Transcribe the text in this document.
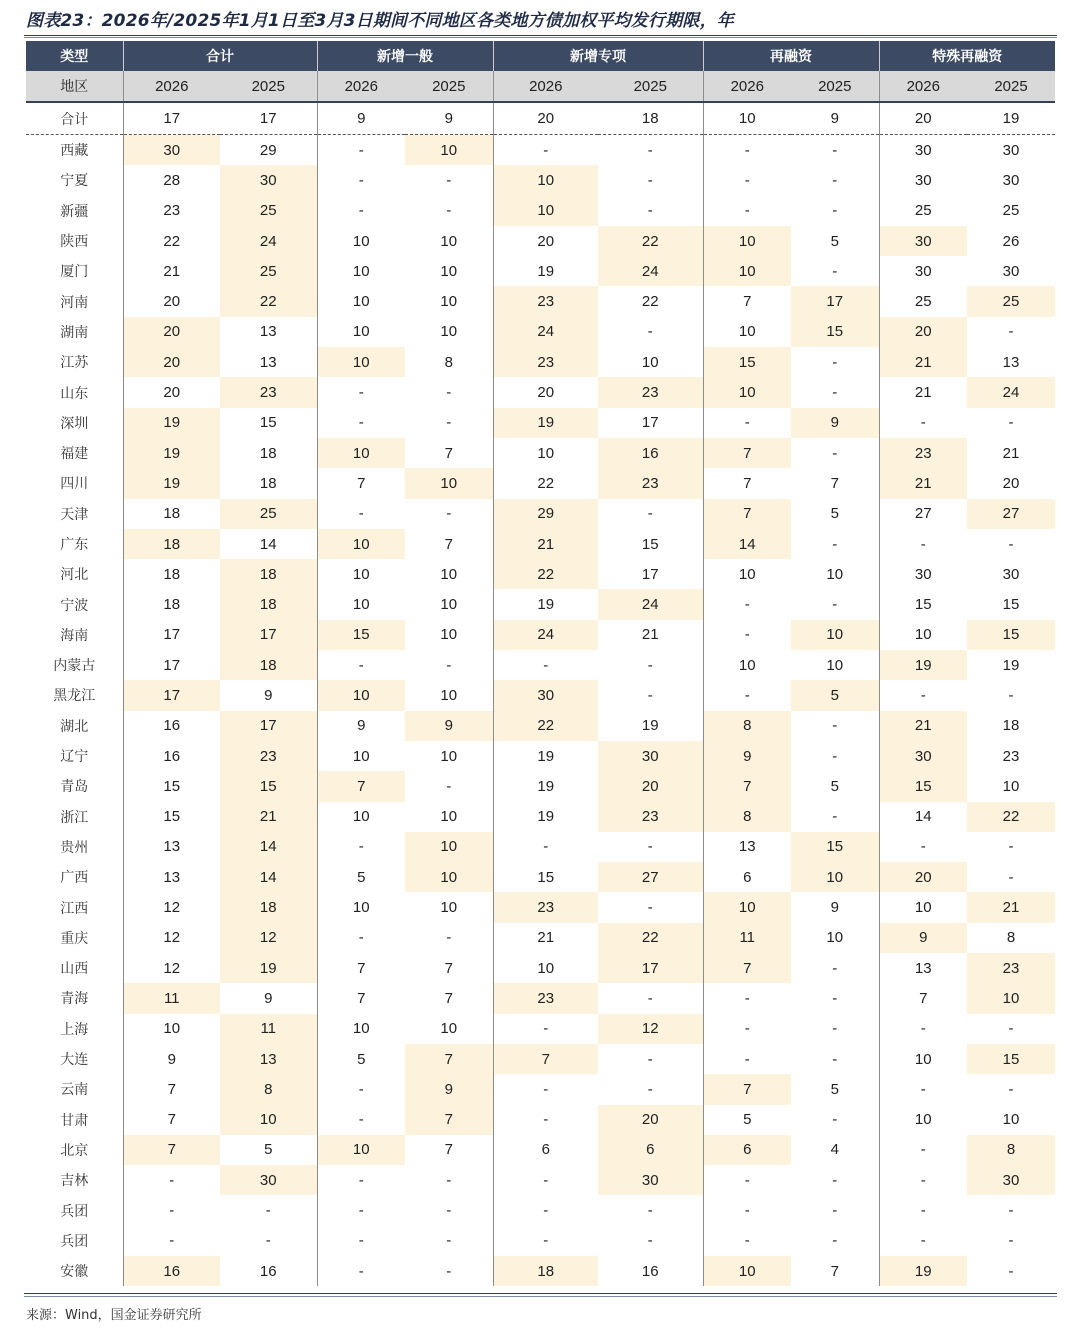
图表23：2026年/2025年1月1日至3月3日期间不同地区各类地方债加权平均发行期限，年
类型	合计		新增一般		新增专项		再融资		特殊再融资	
地区	2026	2025	2026	2025	2026	2025	2026	2025	2026	2025
合计	17	17	9	9	20	18	10	9	20	19
西藏	30	29	-	10	-	-	-	-	30	30
宁夏	28	30	-	-	10	-	-	-	30	30
新疆	23	25	-	-	10	-	-	-	25	25
陕西	22	24	10	10	20	22	10	5	30	26
厦门	21	25	10	10	19	24	10	-	30	30
河南	20	22	10	10	23	22	7	17	25	25
湖南	20	13	10	10	24	-	10	15	20	-
江苏	20	13	10	8	23	10	15	-	21	13
山东	20	23	-	-	20	23	10	-	21	24
深圳	19	15	-	-	19	17	-	9	-	-
福建	19	18	10	7	10	16	7	-	23	21
四川	19	18	7	10	22	23	7	7	21	20
天津	18	25	-	-	29	-	7	5	27	27
广东	18	14	10	7	21	15	14	-	-	-
河北	18	18	10	10	22	17	10	10	30	30
宁波	18	18	10	10	19	24	-	-	15	15
海南	17	17	15	10	24	21	-	10	10	15
内蒙古	17	18	-	-	-	-	10	10	19	19
黑龙江	17	9	10	10	30	-	-	5	-	-
湖北	16	17	9	9	22	19	8	-	21	18
辽宁	16	23	10	10	19	30	9	-	30	23
青岛	15	15	7	-	19	20	7	5	15	10
浙江	15	21	10	10	19	23	8	-	14	22
贵州	13	14	-	10	-	-	13	15	-	-
广西	13	14	5	10	15	27	6	10	20	-
江西	12	18	10	10	23	-	10	9	10	21
重庆	12	12	-	-	21	22	11	10	9	8
山西	12	19	7	7	10	17	7	-	13	23
青海	11	9	7	7	23	-	-	-	7	10
上海	10	11	10	10	-	12	-	-	-	-
大连	9	13	5	7	7	-	-	-	10	15
云南	7	8	-	9	-	-	7	5	-	-
甘肃	7	10	-	7	-	20	5	-	10	10
北京	7	5	10	7	6	6	6	4	-	8
吉林	-	30	-	-	-	30	-	-	-	30
兵团	-	-	-	-	-	-	-	-	-	-
兵团	-	-	-	-	-	-	-	-	-	-
安徽	16	16	-	-	18	16	10	7	19	-
来源：Wind，国金证券研究所
